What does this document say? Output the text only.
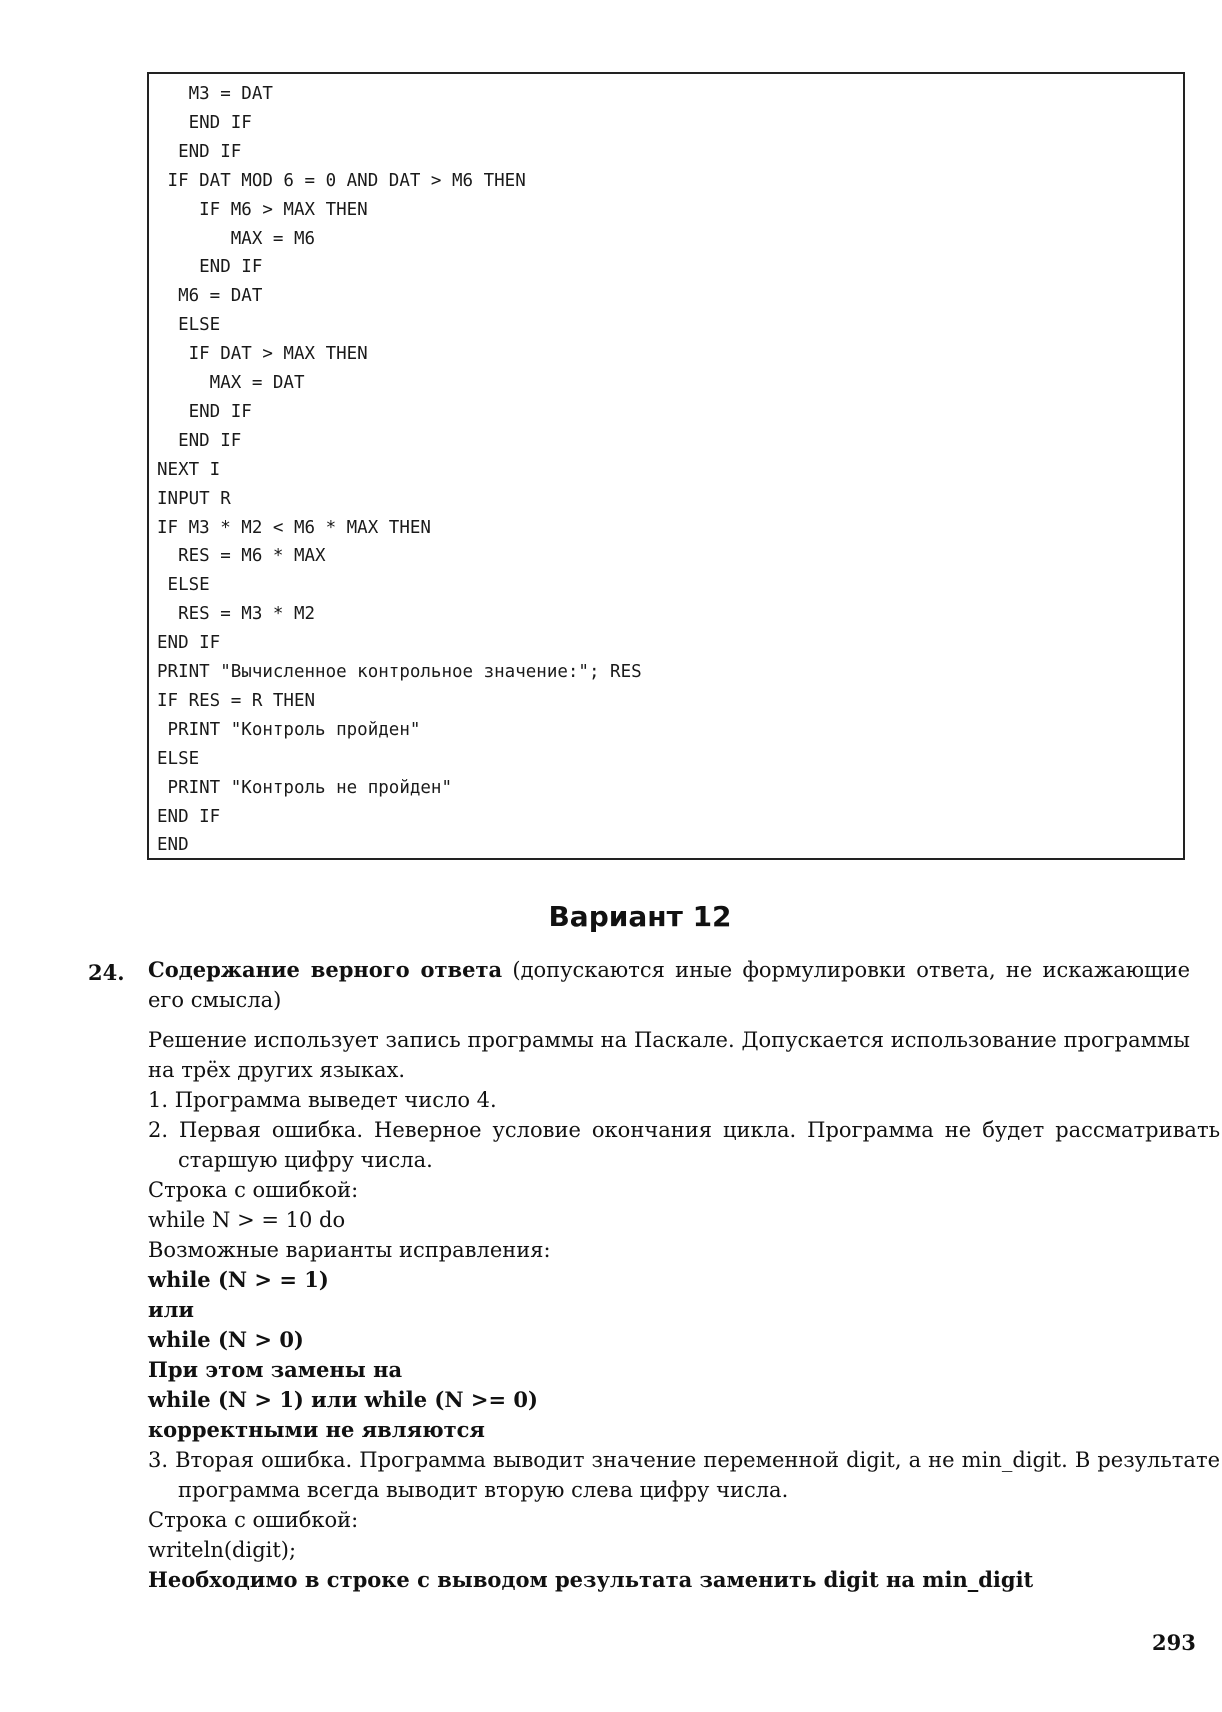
M3 = DAT
END IF
END IF
IF DAT MOD 6 = 0 AND DAT > M6 THEN
IF M6 > MAX THEN
MAX = M6
END IF
M6 = DAT
ELSE
IF DAT > MAX THEN
MAX = DAT
END IF
END IF
NEXT I
INPUT R
IF M3 * M2 < M6 * MAX THEN
RES = M6 * MAX
ELSE
RES = M3 * M2
END IF
PRINT "Вычисленное контрольное значение:"; RES
IF RES = R THEN
PRINT "Контроль пройден"
ELSE
PRINT "Контроль не пройден"
END IF
END
Вариант 12
24. Содержание верного ответа (допускаются иные формулировки ответа, не искажающие его смысла)
Решение использует запись программы на Паскале. Допускается использование программы на трёх других языках.
1. Программа выведет число 4.
2. Первая ошибка. Неверное условие окончания цикла. Программа не будет рассматривать старшую цифру числа.
Строка с ошибкой:
while N > = 10 do
Возможные варианты исправления:
while (N > = 1)
или
while (N > 0)
При этом замены на
while (N > 1) или while (N >= 0)
корректными не являются
3. Вторая ошибка. Программа выводит значение переменной digit, а не min_digit. В результате программа всегда выводит вторую слева цифру числа.
Строка с ошибкой:
writeln(digit);
Необходимо в строке с выводом результата заменить digit на min_digit
293
